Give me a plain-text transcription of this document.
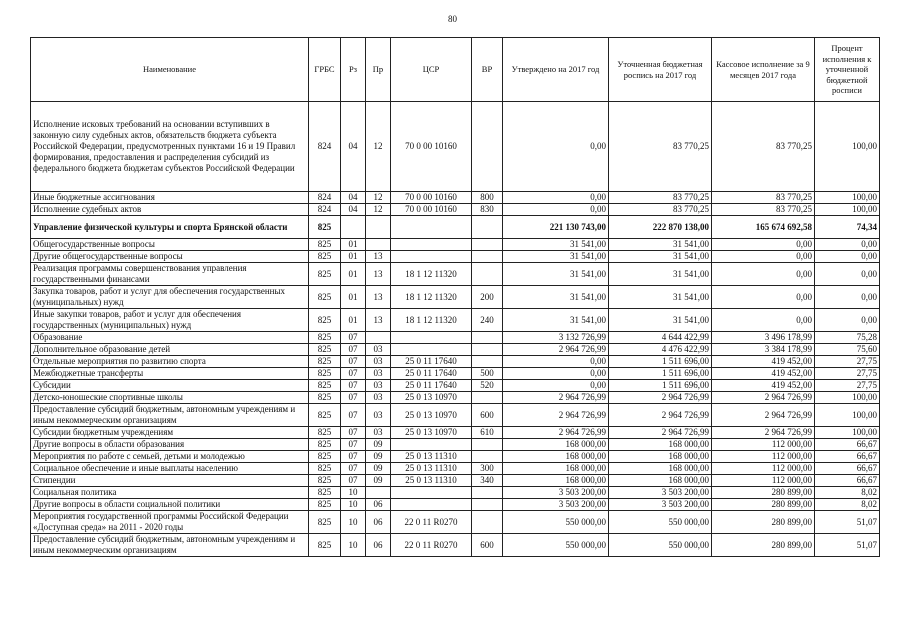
80
Наименование	ГРБС	Рз	Пр	ЦСР	ВР	Утверждено на 2017 год	Уточненная бюджетная роспись на 2017 год	Кассовое исполнение за 9 месяцев 2017 года	Процент исполнения к уточненной бюджетной росписи
Исполнение исковых требований на основании вступивших в законную силу судебных актов, обязательств бюджета субъекта Российской Федерации, предусмотренных пунктами 16 и 19 Правил формирования, предоставления и распределения субсидий из федерального бюджета бюджетам субъектов Российской Федерации	824	04	12	70 0 00 10160		0,00	83 770,25	83 770,25	100,00
Иные бюджетные ассигнования	824	04	12	70 0 00 10160	800	0,00	83 770,25	83 770,25	100,00
Исполнение судебных актов	824	04	12	70 0 00 10160	830	0,00	83 770,25	83 770,25	100,00
Управление физической культуры и спорта Брянской области	825					221 130 743,00	222 870 138,00	165 674 692,58	74,34
Общегосударственные вопросы	825	01				31 541,00	31 541,00	0,00	0,00
Другие общегосударственные вопросы	825	01	13			31 541,00	31 541,00	0,00	0,00
Реализация программы совершенствования управления государственными финансами	825	01	13	18 1 12 11320		31 541,00	31 541,00	0,00	0,00
Закупка товаров, работ и услуг для обеспечения государственных (муниципальных) нужд	825	01	13	18 1 12 11320	200	31 541,00	31 541,00	0,00	0,00
Иные закупки товаров, работ и услуг для обеспечения государственных (муниципальных) нужд	825	01	13	18 1 12 11320	240	31 541,00	31 541,00	0,00	0,00
Образование	825	07				3 132 726,99	4 644 422,99	3 496 178,99	75,28
Дополнительное образование детей	825	07	03			2 964 726,99	4 476 422,99	3 384 178,99	75,60
Отдельные мероприятия по развитию спорта	825	07	03	25 0 11 17640		0,00	1 511 696,00	419 452,00	27,75
Межбюджетные трансферты	825	07	03	25 0 11 17640	500	0,00	1 511 696,00	419 452,00	27,75
Субсидии	825	07	03	25 0 11 17640	520	0,00	1 511 696,00	419 452,00	27,75
Детско-юношеские спортивные школы	825	07	03	25 0 13 10970		2 964 726,99	2 964 726,99	2 964 726,99	100,00
Предоставление субсидий бюджетным, автономным учреждениям и иным некоммерческим организациям	825	07	03	25 0 13 10970	600	2 964 726,99	2 964 726,99	2 964 726,99	100,00
Субсидии бюджетным учреждениям	825	07	03	25 0 13 10970	610	2 964 726,99	2 964 726,99	2 964 726,99	100,00
Другие вопросы в области образования	825	07	09			168 000,00	168 000,00	112 000,00	66,67
Мероприятия по работе с семьей, детьми и молодежью	825	07	09	25 0 13 11310		168 000,00	168 000,00	112 000,00	66,67
Социальное обеспечение и иные выплаты населению	825	07	09	25 0 13 11310	300	168 000,00	168 000,00	112 000,00	66,67
Стипендии	825	07	09	25 0 13 11310	340	168 000,00	168 000,00	112 000,00	66,67
Социальная политика	825	10				3 503 200,00	3 503 200,00	280 899,00	8,02
Другие вопросы в области социальной политики	825	10	06			3 503 200,00	3 503 200,00	280 899,00	8,02
Мероприятия государственной программы Российской Федерации «Доступная среда» на 2011 - 2020 годы	825	10	06	22 0 11 R0270		550 000,00	550 000,00	280 899,00	51,07
Предоставление субсидий бюджетным, автономным учреждениям и иным некоммерческим организациям	825	10	06	22 0 11 R0270	600	550 000,00	550 000,00	280 899,00	51,07
